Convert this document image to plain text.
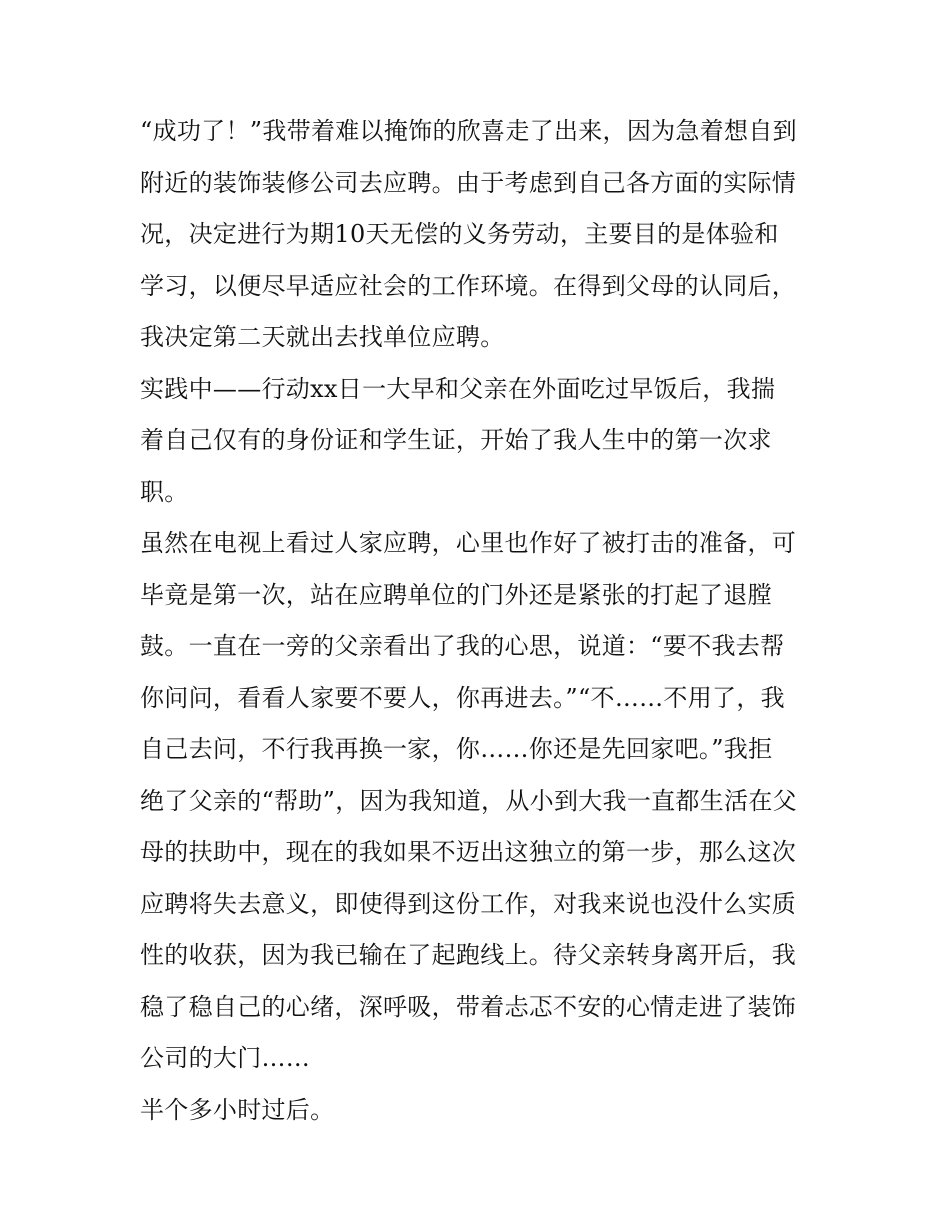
“成功了！”我带着难以掩饰的欣喜走了出来，因为急着想自到
附近的装饰装修公司去应聘。由于考虑到自己各方面的实际情
况，决定进行为期10天无偿的义务劳动，主要目的是体验和
学习，以便尽早适应社会的工作环境。在得到父母的认同后，
我决定第二天就出去找单位应聘。

实践中——行动xx日一大早和父亲在外面吃过早饭后，我揣
着自己仅有的身份证和学生证，开始了我人生中的第一次求
职。

虽然在电视上看过人家应聘，心里也作好了被打击的准备，可
毕竟是第一次，站在应聘单位的门外还是紧张的打起了退膛
鼓。一直在一旁的父亲看出了我的心思，说道：“要不我去帮
你问问，看看人家要不要人，你再进去。”“不……不用了，我
自己去问，不行我再换一家，你……你还是先回家吧。”我拒
绝了父亲的“帮助”，因为我知道，从小到大我一直都生活在父
母的扶助中，现在的我如果不迈出这独立的第一步，那么这次
应聘将失去意义，即使得到这份工作，对我来说也没什么实质
性的收获，因为我已输在了起跑线上。待父亲转身离开后，我
稳了稳自己的心绪，深呼吸，带着忐忑不安的心情走进了装饰
公司的大门……

半个多小时过后。
